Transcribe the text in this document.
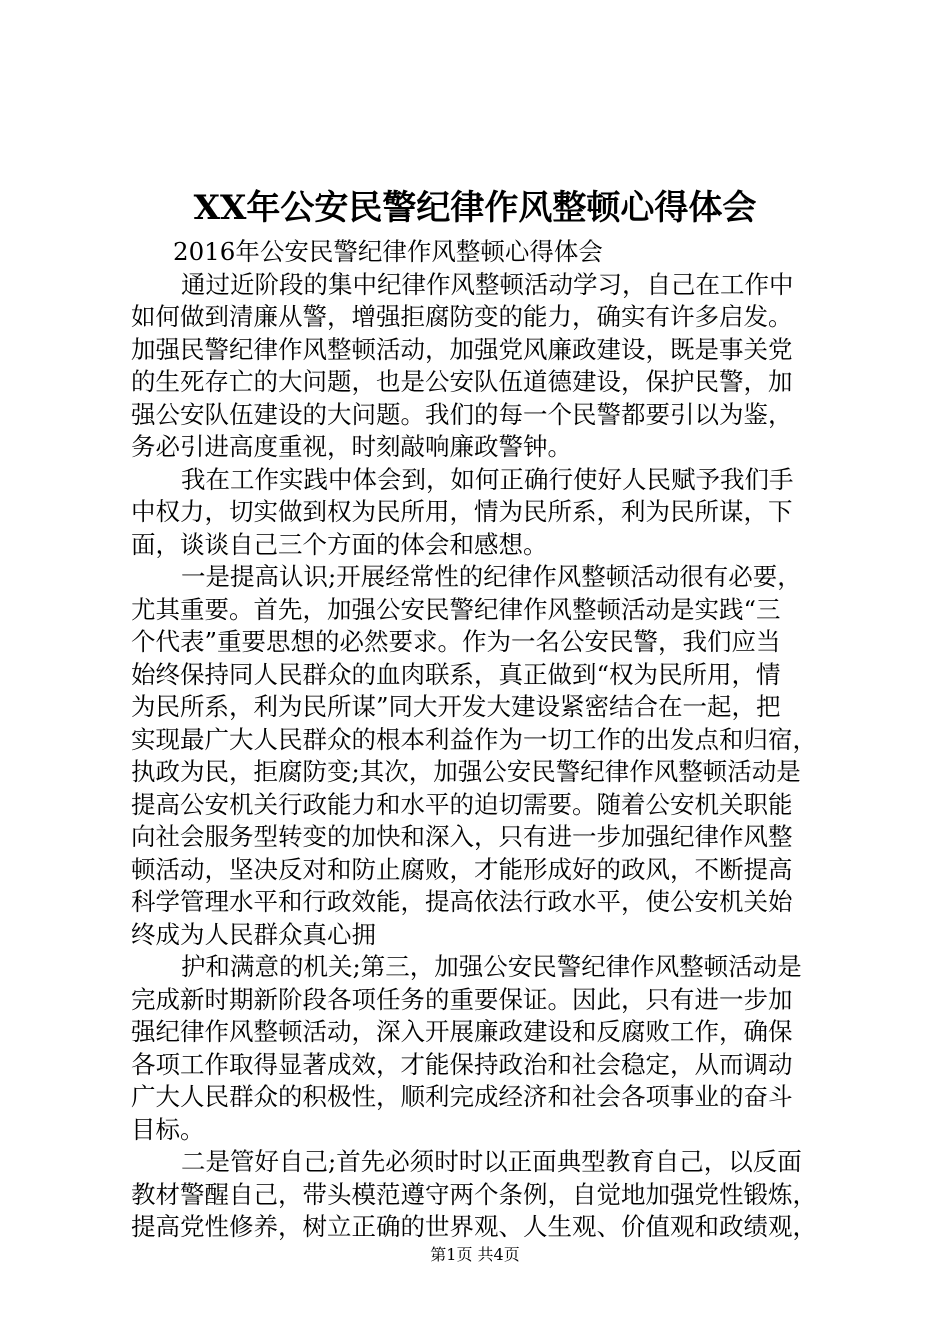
XX年公安民警纪律作风整顿心得体会
2016年公安民警纪律作风整顿心得体会
通过近阶段的集中纪律作风整顿活动学习，自己在工作中
如何做到清廉从警，增强拒腐防变的能力，确实有许多启发。
加强民警纪律作风整顿活动，加强党风廉政建设，既是事关党
的生死存亡的大问题，也是公安队伍道德建设，保护民警，加
强公安队伍建设的大问题。我们的每一个民警都要引以为鉴，
务必引进高度重视，时刻敲响廉政警钟。
我在工作实践中体会到，如何正确行使好人民赋予我们手
中权力，切实做到权为民所用，情为民所系，利为民所谋，下
面，谈谈自己三个方面的体会和感想。
一是提高认识;开展经常性的纪律作风整顿活动很有必要，
尤其重要。首先，加强公安民警纪律作风整顿活动是实践“三
个代表”重要思想的必然要求。作为一名公安民警，我们应当
始终保持同人民群众的血肉联系，真正做到“权为民所用，情
为民所系，利为民所谋”同大开发大建设紧密结合在一起，把
实现最广大人民群众的根本利益作为一切工作的出发点和归宿，
执政为民，拒腐防变;其次，加强公安民警纪律作风整顿活动是
提高公安机关行政能力和水平的迫切需要。随着公安机关职能
向社会服务型转变的加快和深入，只有进一步加强纪律作风整
顿活动，坚决反对和防止腐败，才能形成好的政风，不断提高
科学管理水平和行政效能，提高依法行政水平，使公安机关始
终成为人民群众真心拥
护和满意的机关;第三，加强公安民警纪律作风整顿活动是
完成新时期新阶段各项任务的重要保证。因此，只有进一步加
强纪律作风整顿活动，深入开展廉政建设和反腐败工作，确保
各项工作取得显著成效，才能保持政治和社会稳定，从而调动
广大人民群众的积极性，顺利完成经济和社会各项事业的奋斗
目标。
二是管好自己;首先必须时时以正面典型教育自己，以反面
教材警醒自己，带头模范遵守两个条例，自觉地加强党性锻炼，
提高党性修养，树立正确的世界观、人生观、价值观和政绩观，
第1页 共4页
